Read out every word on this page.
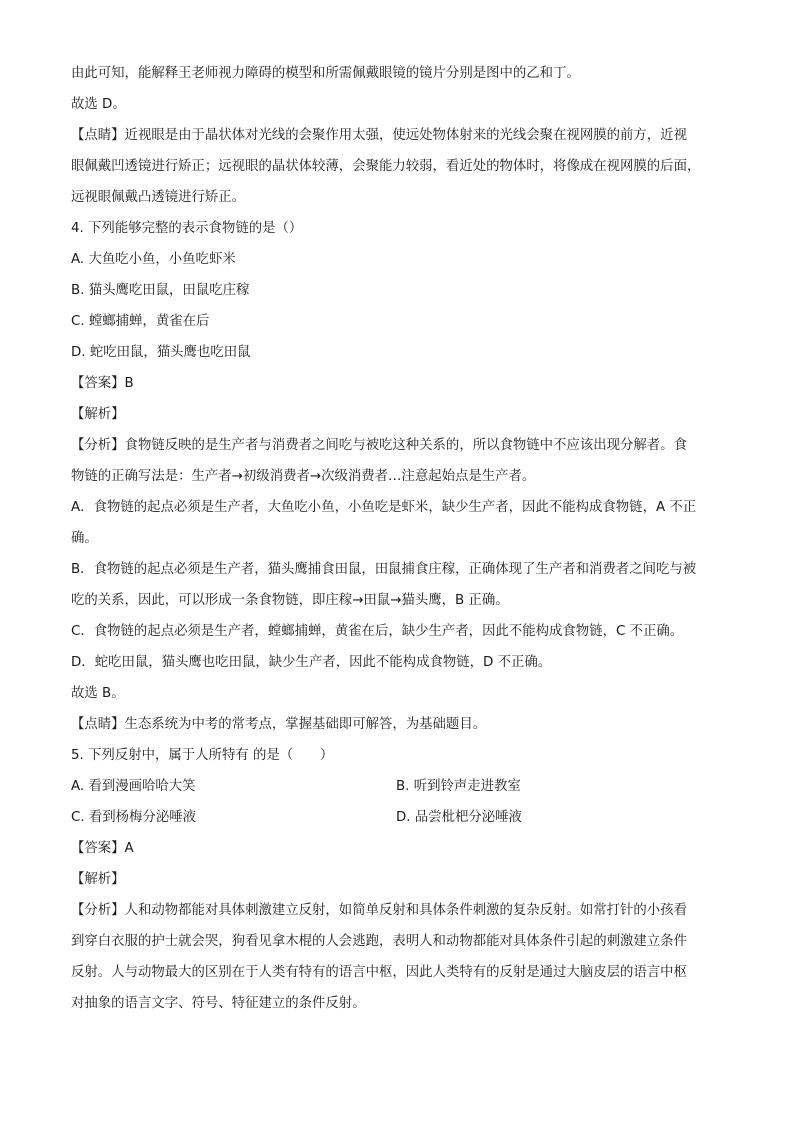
由此可知，能解释王老师视力障碍的模型和所需佩戴眼镜的镜片分别是图中的乙和丁。
故选 D。
【点睛】近视眼是由于晶状体对光线的会聚作用太强，使远处物体射来的光线会聚在视网膜的前方，近视
眼佩戴凹透镜进行矫正；远视眼的晶状体较薄，会聚能力较弱，看近处的物体时，将像成在视网膜的后面，
远视眼佩戴凸透镜进行矫正。
4. 下列能够完整的表示食物链的是（）
A. 大鱼吃小鱼，小鱼吃虾米
B. 猫头鹰吃田鼠，田鼠吃庄稼
C. 螳螂捕蝉，黄雀在后
D. 蛇吃田鼠，猫头鹰也吃田鼠
【答案】B
【解析】
【分析】食物链反映的是生产者与消费者之间吃与被吃这种关系的，所以食物链中不应该出现分解者。食
物链的正确写法是：生产者→初级消费者→次级消费者…注意起始点是生产者。
A．食物链的起点必须是生产者，大鱼吃小鱼，小鱼吃是虾米，缺少生产者，因此不能构成食物链，A 不正
确。
B．食物链的起点必须是生产者，猫头鹰捕食田鼠，田鼠捕食庄稼，正确体现了生产者和消费者之间吃与被
吃的关系，因此，可以形成一条食物链，即庄稼→田鼠→猫头鹰，B 正确。
C．食物链的起点必须是生产者，螳螂捕蝉，黄雀在后，缺少生产者，因此不能构成食物链，C 不正确。
D．蛇吃田鼠，猫头鹰也吃田鼠，缺少生产者，因此不能构成食物链，D 不正确。
故选 B。
【点睛】生态系统为中考的常考点，掌握基础即可解答，为基础题目。
5. 下列反射中，属于人所特有 的是（　　）
A. 看到漫画哈哈大笑	B. 听到铃声走进教室
C. 看到杨梅分泌唾液	D. 品尝枇杷分泌唾液
【答案】A
【解析】
【分析】人和动物都能对具体刺激建立反射，如简单反射和具体条件刺激的复杂反射。如常打针的小孩看
到穿白衣服的护士就会哭，狗看见拿木棍的人会逃跑，表明人和动物都能对具体条件引起的刺激建立条件
反射。人与动物最大的区别在于人类有特有的语言中枢，因此人类特有的反射是通过大脑皮层的语言中枢
对抽象的语言文字、符号、特征建立的条件反射。
